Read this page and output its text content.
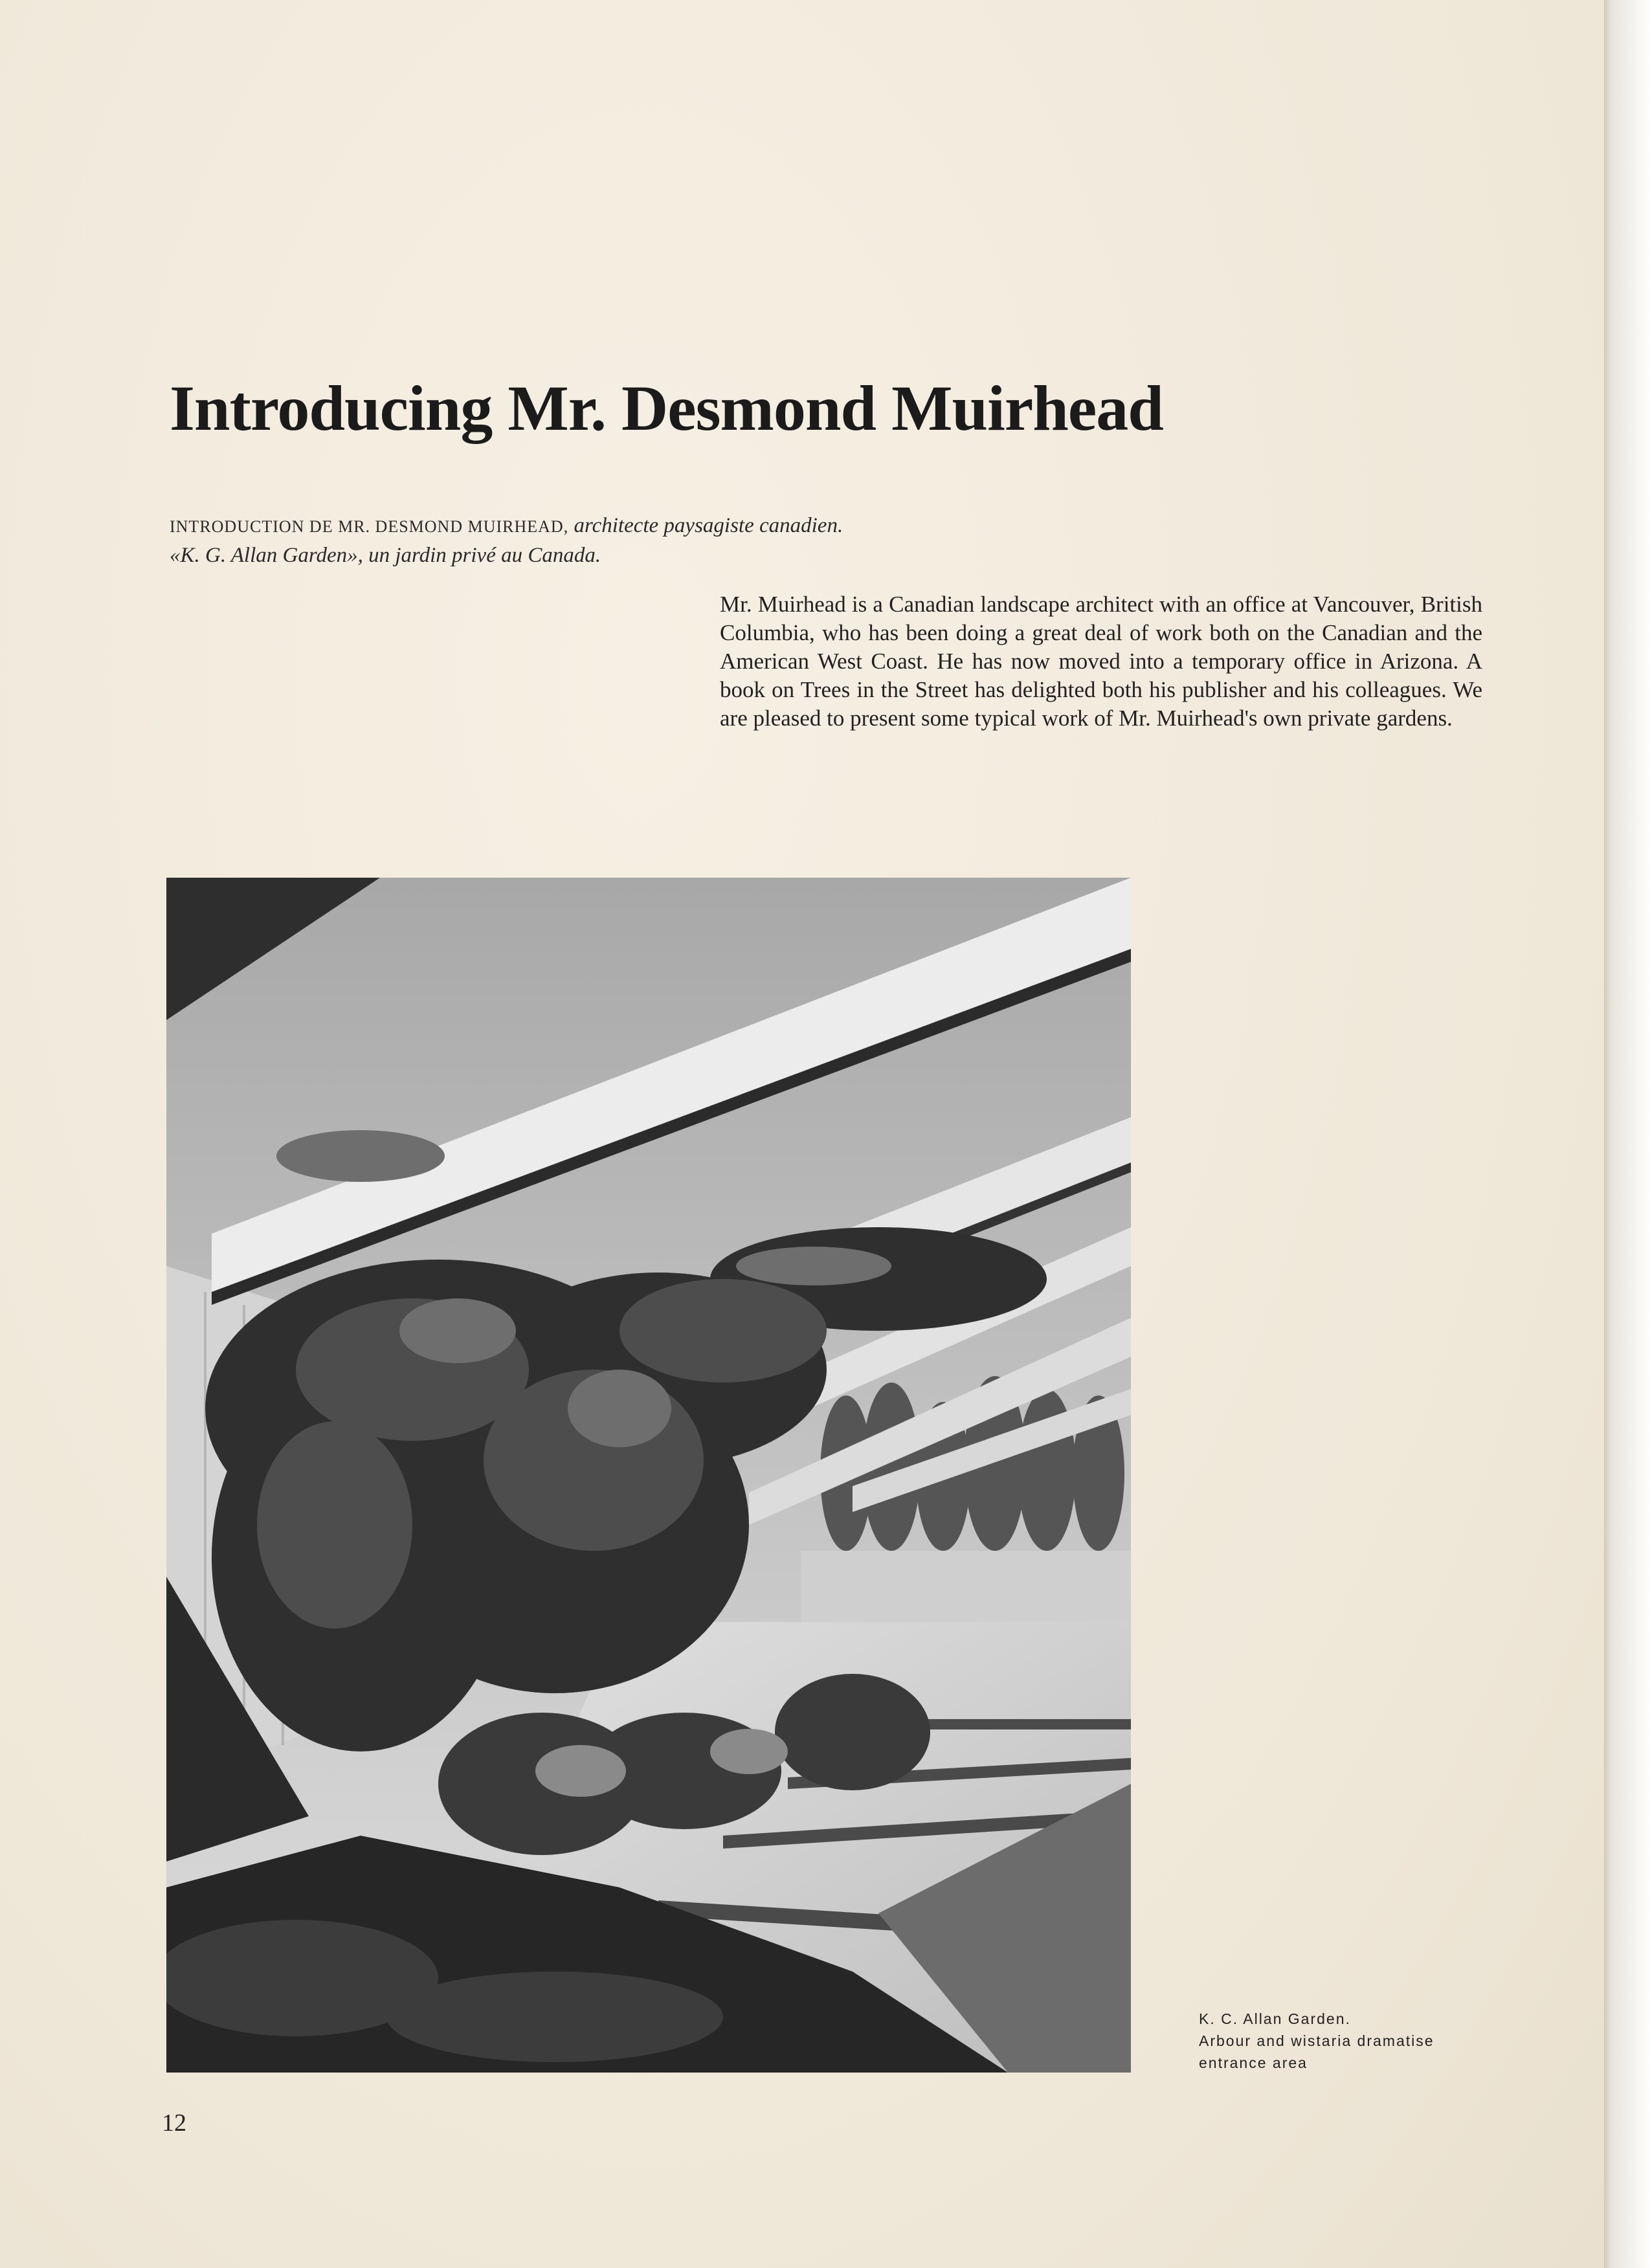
Introducing Mr. Desmond Muirhead
INTRODUCTION DE MR. DESMOND MUIRHEAD, architecte paysagiste canadien.
«K. G. Allan Garden», un jardin privé au Canada.

Mr. Muirhead is a Canadian landscape architect with an office at Vancouver, British Columbia, who has been doing a great deal of work both on the Canadian and the American West Coast. He has now moved into a temporary office in Arizona. A book on Trees in the Street has delighted both his publisher and his colleagues. We are pleased to present some typical work of Mr. Muirhead's own private gardens.

K. C. Allan Garden.
Arbour and wistaria dramatise
entrance area
12
